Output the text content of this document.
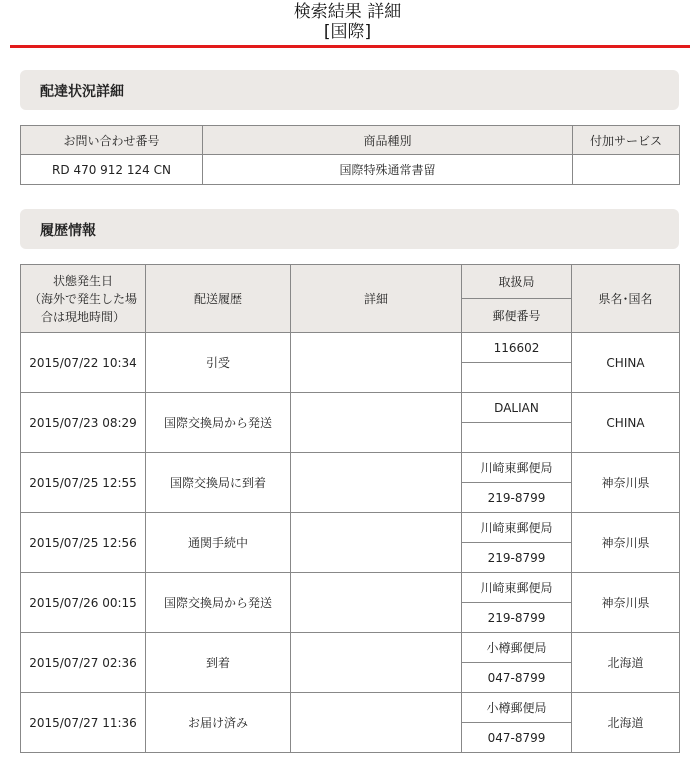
検索結果 詳細
[国際]
配達状況詳細
お問い合わせ番号	商品種別	付加サービス
RD 470 912 124 CN	国際特殊通常書留	
履歴情報
状態発生日
（海外で発生した場
合は現地時間）	配送履歴	詳細	取扱局	県名･国名
			郵便番号	
2015/07/22 10:34	引受		116602	CHINA

2015/07/23 08:29	国際交換局から発送		DALIAN	CHINA

2015/07/25 12:55	国際交換局に到着		川崎東郵便局	神奈川県
			219-8799	
2015/07/25 12:56	通関手続中		川崎東郵便局	神奈川県
			219-8799	
2015/07/26 00:15	国際交換局から発送		川崎東郵便局	神奈川県
			219-8799	
2015/07/27 02:36	到着		小樽郵便局	北海道
			047-8799	
2015/07/27 11:36	お届け済み		小樽郵便局	北海道
			047-8799	
